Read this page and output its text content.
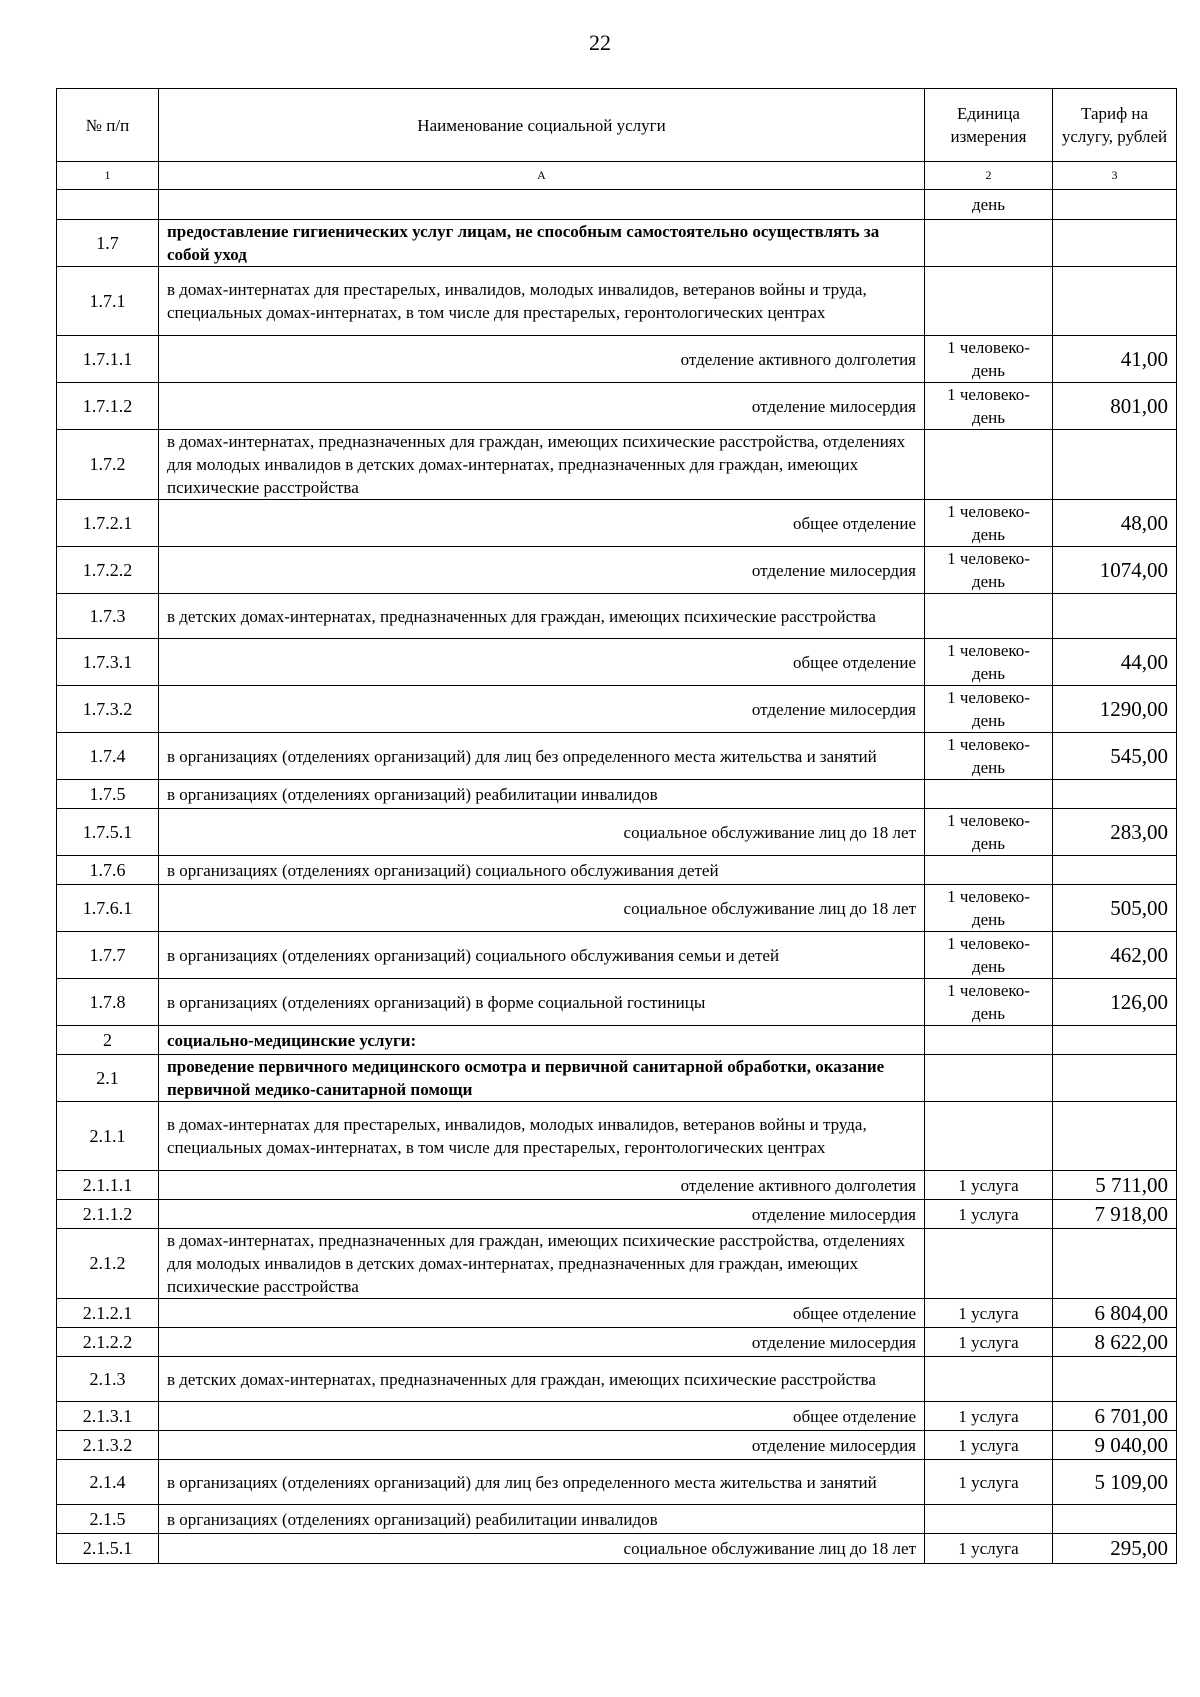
22
№ п/п	Наименование социальной услуги	Единица измерения	Тариф на услугу, рублей
1	А	2	3
		день	
1.7	предоставление гигиенических услуг лицам, не способным самостоятельно осуществлять за собой уход		
1.7.1	в домах-интернатах для престарелых, инвалидов, молодых инвалидов, ветеранов войны и труда, специальных домах-интернатах, в том числе для престарелых, геронтологических центрах		
1.7.1.1	отделение активного долголетия	1 человеко-день	41,00
1.7.1.2	отделение милосердия	1 человеко-день	801,00
1.7.2	в домах-интернатах, предназначенных для граждан, имеющих психические расстройства, отделениях для молодых инвалидов в детских домах-интернатах, предназначенных для граждан, имеющих психические расстройства		
1.7.2.1	общее отделение	1 человеко-день	48,00
1.7.2.2	отделение милосердия	1 человеко-день	1074,00
1.7.3	в детских домах-интернатах, предназначенных для граждан, имеющих психические расстройства		
1.7.3.1	общее отделение	1 человеко-день	44,00
1.7.3.2	отделение милосердия	1 человеко-день	1290,00
1.7.4	в организациях (отделениях организаций) для лиц без определенного места жительства и занятий	1 человеко-день	545,00
1.7.5	в организациях (отделениях организаций) реабилитации инвалидов		
1.7.5.1	социальное обслуживание лиц до 18 лет	1 человеко-день	283,00
1.7.6	в организациях (отделениях организаций) социального обслуживания детей		
1.7.6.1	социальное обслуживание лиц до 18 лет	1 человеко-день	505,00
1.7.7	в организациях (отделениях организаций) социального обслуживания семьи и детей	1 человеко-день	462,00
1.7.8	в организациях (отделениях организаций) в форме социальной гостиницы	1 человеко-день	126,00
2	социально-медицинские услуги:		
2.1	проведение первичного медицинского осмотра и первичной санитарной обработки, оказание первичной медико-санитарной помощи		
2.1.1	в домах-интернатах для престарелых, инвалидов, молодых инвалидов, ветеранов войны и труда, специальных домах-интернатах, в том числе для престарелых, геронтологических центрах		
2.1.1.1	отделение активного долголетия	1 услуга	5 711,00
2.1.1.2	отделение милосердия	1 услуга	7 918,00
2.1.2	в домах-интернатах, предназначенных для граждан, имеющих психические расстройства, отделениях для молодых инвалидов в детских домах-интернатах, предназначенных для граждан, имеющих психические расстройства		
2.1.2.1	общее отделение	1 услуга	6 804,00
2.1.2.2	отделение милосердия	1 услуга	8 622,00
2.1.3	в детских домах-интернатах, предназначенных для граждан, имеющих психические расстройства		
2.1.3.1	общее отделение	1 услуга	6 701,00
2.1.3.2	отделение милосердия	1 услуга	9 040,00
2.1.4	в организациях (отделениях организаций) для лиц без определенного места жительства и занятий	1 услуга	5 109,00
2.1.5	в организациях (отделениях организаций) реабилитации инвалидов		
2.1.5.1	социальное обслуживание лиц до 18 лет	1 услуга	295,00
